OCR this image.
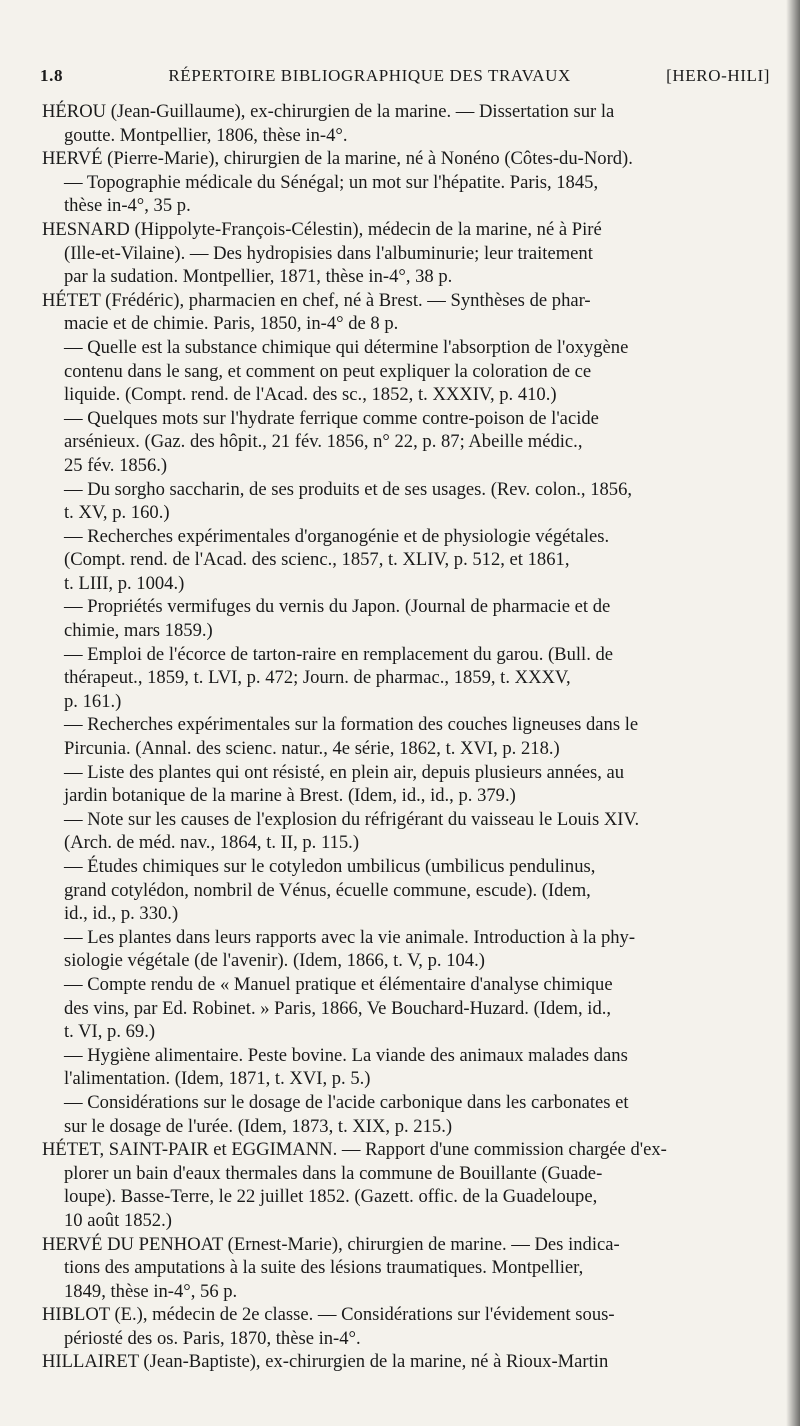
1.8	RÉPERTOIRE BIBLIOGRAPHIQUE DES TRAVAUX	[HERO-HILI]
HÉROU (Jean-Guillaume), ex-chirurgien de la marine. — Dissertation sur la
goutte. Montpellier, 1806, thèse in-4°.
HERVÉ (Pierre-Marie), chirurgien de la marine, né à Nonéno (Côtes-du-Nord).
— Topographie médicale du Sénégal; un mot sur l'hépatite. Paris, 1845,
thèse in-4°, 35 p.
HESNARD (Hippolyte-François-Célestin), médecin de la marine, né à Piré
(Ille-et-Vilaine). — Des hydropisies dans l'albuminurie; leur traitement
par la sudation. Montpellier, 1871, thèse in-4°, 38 p.
HÉTET (Frédéric), pharmacien en chef, né à Brest. — Synthèses de phar-
macie et de chimie. Paris, 1850, in-4° de 8 p.
— Quelle est la substance chimique qui détermine l'absorption de l'oxygène
contenu dans le sang, et comment on peut expliquer la coloration de ce
liquide. (Compt. rend. de l'Acad. des sc., 1852, t. XXXIV, p. 410.)
— Quelques mots sur l'hydrate ferrique comme contre-poison de l'acide
arsénieux. (Gaz. des hôpit., 21 fév. 1856, n° 22, p. 87; Abeille médic.,
25 fév. 1856.)
— Du sorgho saccharin, de ses produits et de ses usages. (Rev. colon., 1856,
t. XV, p. 160.)
— Recherches expérimentales d'organogénie et de physiologie végétales.
(Compt. rend. de l'Acad. des scienc., 1857, t. XLIV, p. 512, et 1861,
t. LIII, p. 1004.)
— Propriétés vermifuges du vernis du Japon. (Journal de pharmacie et de
chimie, mars 1859.)
— Emploi de l'écorce de tarton-raire en remplacement du garou. (Bull. de
thérapeut., 1859, t. LVI, p. 472; Journ. de pharmac., 1859, t. XXXV,
p. 161.)
— Recherches expérimentales sur la formation des couches ligneuses dans le
Pircunia. (Annal. des scienc. natur., 4e série, 1862, t. XVI, p. 218.)
— Liste des plantes qui ont résisté, en plein air, depuis plusieurs années, au
jardin botanique de la marine à Brest. (Idem, id., id., p. 379.)
— Note sur les causes de l'explosion du réfrigérant du vaisseau le Louis XIV.
(Arch. de méd. nav., 1864, t. II, p. 115.)
— Études chimiques sur le cotyledon umbilicus (umbilicus pendulinus,
grand cotylédon, nombril de Vénus, écuelle commune, escude). (Idem,
id., id., p. 330.)
— Les plantes dans leurs rapports avec la vie animale. Introduction à la phy-
siologie végétale (de l'avenir). (Idem, 1866, t. V, p. 104.)
— Compte rendu de « Manuel pratique et élémentaire d'analyse chimique
des vins, par Ed. Robinet. » Paris, 1866, Ve Bouchard-Huzard. (Idem, id.,
t. VI, p. 69.)
— Hygiène alimentaire. Peste bovine. La viande des animaux malades dans
l'alimentation. (Idem, 1871, t. XVI, p. 5.)
— Considérations sur le dosage de l'acide carbonique dans les carbonates et
sur le dosage de l'urée. (Idem, 1873, t. XIX, p. 215.)
HÉTET, SAINT-PAIR et EGGIMANN. — Rapport d'une commission chargée d'ex-
plorer un bain d'eaux thermales dans la commune de Bouillante (Guade-
loupe). Basse-Terre, le 22 juillet 1852. (Gazett. offic. de la Guadeloupe,
10 août 1852.)
HERVÉ DU PENHOAT (Ernest-Marie), chirurgien de marine. — Des indica-
tions des amputations à la suite des lésions traumatiques. Montpellier,
1849, thèse in-4°, 56 p.
HIBLOT (E.), médecin de 2e classe. — Considérations sur l'évidement sous-
périosté des os. Paris, 1870, thèse in-4°.
HILLAIRET (Jean-Baptiste), ex-chirurgien de la marine, né à Rioux-Martin
